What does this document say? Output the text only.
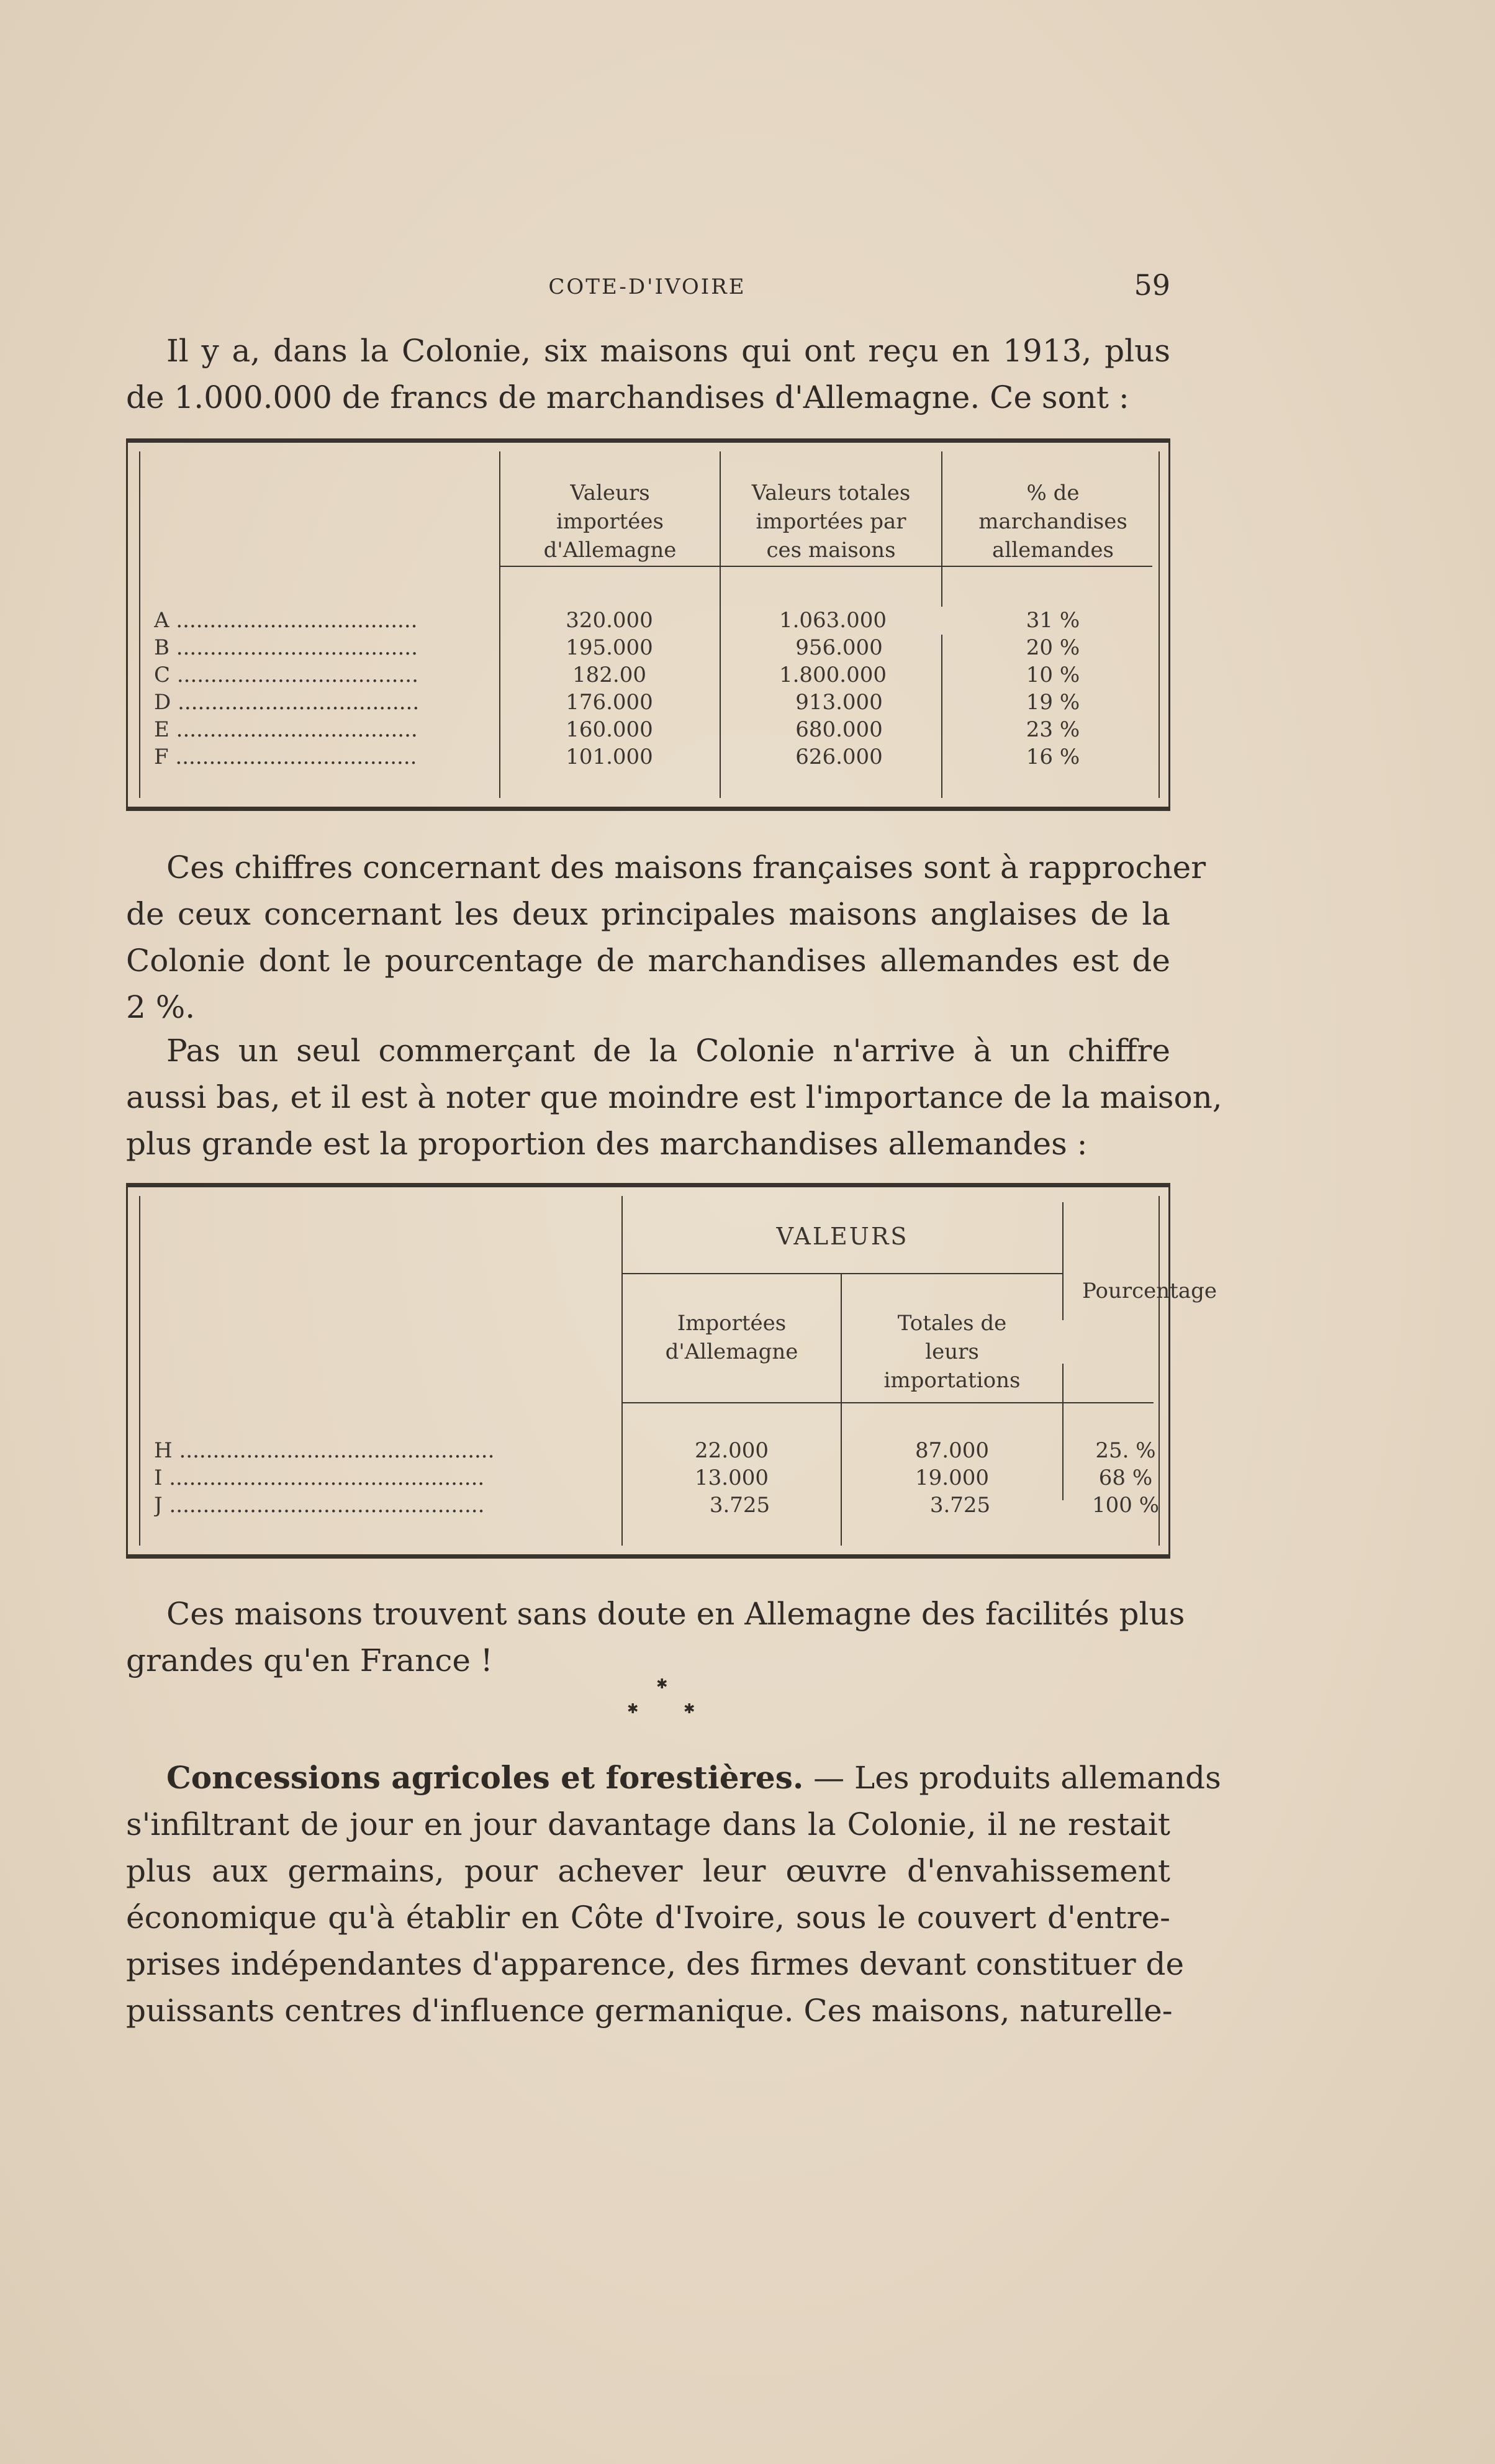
COTE-D'IVOIRE	59

Il y a, dans la Colonie, six maisons qui ont reçu en 1913, plus
de 1.000.000 de francs de marchandises d'Allemagne. Ce sont :

Valeurs
importées
d'Allemagne
Valeurs totales
importées par
ces maisons
% de
marchandises
allemandes
A ....................................
B ....................................
C ....................................
D ....................................
E ....................................
F ....................................
320.000
195.000
182.00
176.000
160.000
101.000
1.063.000
956.000
1.800.000
913.000
680.000
626.000
31 %
20 %
10 %
19 %
23 %
16 %

Ces chiffres concernant des maisons françaises sont à rapprocher
de ceux concernant les deux principales maisons anglaises de la
Colonie dont le pourcentage de marchandises allemandes est de
2 %.

Pas un seul commerçant de la Colonie n'arrive à un chiffre
aussi bas, et il est à noter que moindre est l'importance de la maison,
plus grande est la proportion des marchandises allemandes :

VALEURS
Importées
d'Allemagne
Totales de
leurs
importations
Pourcentage
H ...............................................
I ...............................................
J ...............................................
22.000
13.000
3.725
87.000
19.000
3.725
25. %
68 %
100 %

Ces maisons trouvent sans doute en Allemagne des facilités plus
grandes qu'en France !

✱
✱	✱

Concessions agricoles et forestières. — Les produits allemands
s'infiltrant de jour en jour davantage dans la Colonie, il ne restait
plus aux germains, pour achever leur œuvre d'envahissement
économique qu'à établir en Côte d'Ivoire, sous le couvert d'entre-
prises indépendantes d'apparence, des firmes devant constituer de
puissants centres d'influence germanique. Ces maisons, naturelle-
